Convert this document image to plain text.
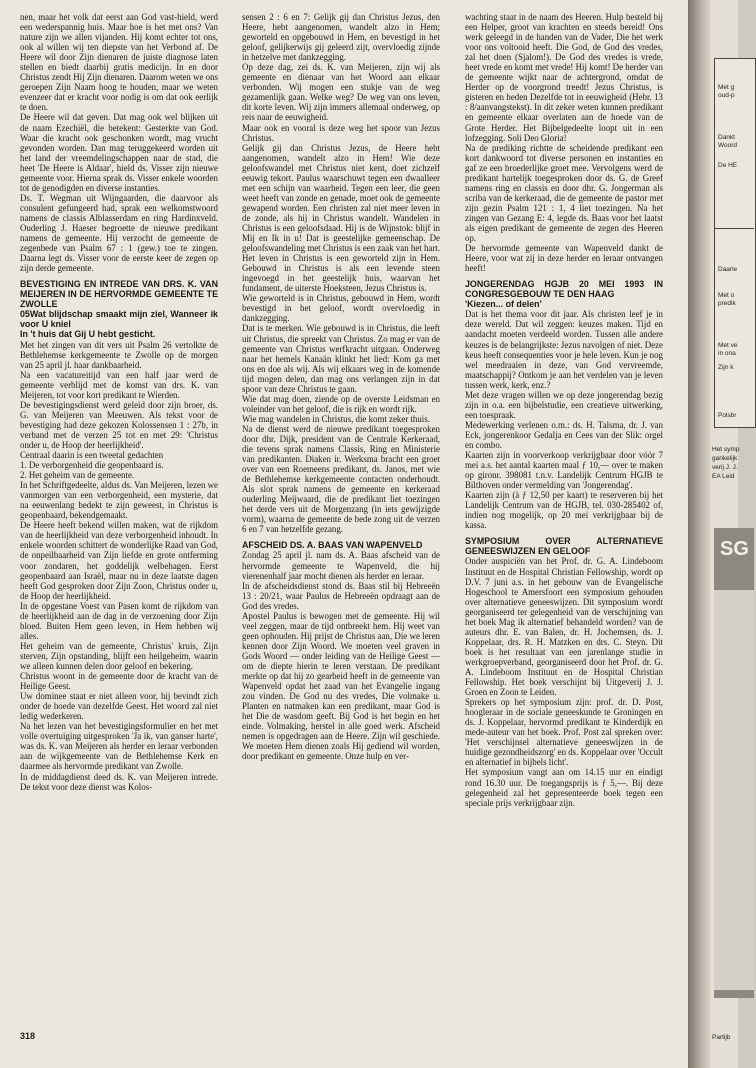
nen, maar het volk dat eerst aan God vast-hield, werd een wederspannig huis. Maar hoe is het met ons? Van nature zijn we allen vijanden. Hij komt echter tot ons, ook al willen wij ten diepste van het Verbond af. De Heere wil door Zijn dienaren de juiste diagnose laten stellen en biedt daarbij gratis medicijn. In en door Christus zendt Hij Zijn dienaren. Daarom weten we ons geroepen Zijn Naam hoog te houden, maar we weten evenzeer dat er kracht voor nodig is om dat ook eerlijk te doen.

De Heere wil dat geven. Dat mag ook wel blijken uit de naam Ezechiël, die betekent: Gesterkte van God. Waar die kracht ook geschonken wordt, mag vrucht gevonden worden. Dan mag teruggekeerd worden uit het land der vreemdelingschappen naar de stad, die heet 'De Heere is Aldaar', hield ds. Visser zijn nieuwe gemeente voor. Hierna sprak ds. Visser enkele woorden tot de genodigden en diverse instanties.

Ds. T. Wegman uit Wijngaarden, die daarvoor als consulent gefungeerd had, sprak een welkomstwoord namens de classis Alblasserdam en ring Hardinxveld. Ouderling J. Haeser begroette de nieuwe predikant namens de gemeente. Hij verzocht de gemeente de zegenbede van Psalm 67 : 1 (gew.) toe te zingen. Daarna legt ds. Visser voor de eerste keer de zegen op zijn derde gemeente.

BEVESTIGING EN INTREDE VAN DRS. K. VAN MEIJEREN IN DE HERVORMDE GEMEENTE TE ZWOLLE
05Wat blijdschap smaakt mijn ziel, Wanneer ik voor U kniel
In 't huis dat Gij U hebt gesticht.

Met het zingen van dit vers uit Psalm 26 vertolkte de Bethlehemse kerkgemeente te Zwolle op de morgen van 25 april jl. haar dankbaarheid.

Na een vacatureitijd van een half jaar werd de gemeente verblijd met de komst van drs. K. van Meijeren, tot voor kort predikant te Wierden.

De bevestigingsdienst werd geleid door zijn broer, ds. G. van Meijeren van Meeuwen. Als tekst voor de bevestiging had deze gekozen Kolossensen 1 : 27b, in verband met de verzen 25 tot en met 29: 'Christus onder u, de Hoop der heerlijkheid'.

Centraal daarin is een tweetal gedachten

1. De verborgenheid die geopenbaard is.

2. Het geheim van de gemeente.

In het Schriftgedeelte, aldus ds. Van Meijeren, lezen we vanmorgen van een verborgenheid, een mysterie, dat na eeuwenlang bedekt te zijn geweest, in Christus is geopenbaard, bekendgemaakt.

De Heere heeft bekend willen maken, wat de rijkdom van de heerlijkheid van deze verborgenheid inhoudt. In enkele woorden schittert de wonderlijke Raad van God, de onpeilbaarheid van Zijn liefde en grote ontferming voor zondaren, het goddelijk welbehagen. Eerst geopenbaard aan Israël, maar nu in deze laatste dagen heeft God gesproken door Zijn Zoon, Christus onder u, de Hoop der heerlijkheid.

In de opgestane Voest van Pasen komt de rijkdom van de heerlijkheid aan de dag in de verzoening door Zijn bloed. Buiten Hem geen leven, in Hem hebben wij alles.

Het geheim van de gemeente, Christus' kruis, Zijn sterven, Zijn opstanding, blijft een heilgeheim, waarin we alleen kunnen delen door geloof en bekering.

Christus woont in de gemeente door de kracht van de Heilige Geest.

Uw dominee staat er niet alleen voor, hij bevindt zich onder de hoede van dezelfde Geest. Het woord zal niet ledig wederkeren.

Na het lezen van het bevestigingsformulier en het met volle overtuiging uitgesproken 'Ja ik, van ganser harte', was ds. K. van Meijeren als herder en leraar verbonden aan de wijkgemeente van de Bethlehemse Kerk en daarmee als hervormde predikant van Zwolle.

In de middagdienst deed ds. K. van Meijeren intrede. De tekst voor deze dienst was Kolos-

sensen 2 : 6 en 7: Gelijk gij dan Christus Jezus, den Heere, hebt aangenomen, wandelt alzo in Hem; geworteld en opgebouwd in Hem, en bevestigd in het geloof, gelijkerwijs gij geleerd zijt, overvloedig zijnde in hetzelve met dankzegging.

Op deze dag, zei ds. K. van Meijeren, zijn wij als gemeente en dienaar van het Woord aan elkaar verbonden. Wij mogen een stukje van de weg gezamenlijk gaan. Welke weg? De weg van ons leven, dit korte leven. Wij zijn immers allemaal onderweg, op reis naar de eeuwigheid.

Maar ook en vooral is deze weg het spoor van Jezus Christus.

Gelijk gij dan Christus Jezus, de Heere hebt aangenomen, wandelt alzo in Hem! Wie deze geloofswandel met Christus niet kent, doet zichzelf eeuwig tekort. Paulus waarschuwt tegen een dwaalleer met een schijn van waarheid. Tegen een leer, die geen weet heeft van zonde en genade, moet ook de gemeente gewapend worden. Een christen zal niet meer leven in de zonde, als hij in Christus wandelt. Wandelen in Christus is een geloofsdaad. Hij is de Wijnstok: blijf in Mij en Ik in u! Dat is geestelijke gemeenschap. De geloofswandeling met Christus is een zaak van het hart. Het leven in Christus is een geworteld zijn in Hem. Gebouwd in Christus is als een levende steen ingevoegd in het geestelijk huis, waarvan het fundament, de uiterste Hoeksteen, Jezus Christus is.

Wie geworteld is in Christus, gebouwd in Hem, wordt bevestigd in het geloof, wordt overvloedig in dankzegging.

Dat is te merken. Wie gebouwd is in Christus, die leeft uit Christus, die spreekt van Christus. Zo mag er van de gemeente van Christus werfkracht uitgaan. Onderweg naar het hemels Kanaän klinkt het lied: Kom ga met ons en doe als wij. Als wij elkaars weg in de komende tijd mogen delen, dan mag ons verlangen zijn in dat spoor van deze Christus te gaan.

Wie dat mag doen, ziende op de overste Leidsman en voleinder van het geloof, die is rijk en wordt rijk.

Wie mag wandelen in Christus, die komt zeker thuis.

Na de dienst werd de nieuwe predikant toegesproken door dhr. Dijk, president van de Centrale Kerkeraad, die tevens sprak namens Classis, Ring en Ministerie van predikanten. Diaken ir. Werksma bracht een groet over van een Roemeens predikant, ds. Janos, met wie de Bethlehemse kerkgemeente contacten onderhoudt. Als slot sprak namens de gemeente en kerkeraad ouderling Meijwaard, die de predikant liet toezingen het derde vers uit de Morgenzang (in iets gewijzigde vorm), waarna de gemeente de bede zong uit de verzen 6 en 7 van hetzelfde gezang.

AFSCHEID DS. A. BAAS VAN WAPENVELD

Zondag 25 april jl. nam ds. A. Baas afscheid van de hervormde gemeente te Wapenveld, die hij vierenenhalf jaar mocht dienen als herder en leraar.

In de afscheidsdienst stond ds. Baas stil bij Hebreeën 13 : 20/21, waar Paulus de Hebreeën opdraagt aan de God des vredes.

Apostel Paulus is bewogen met de gemeente. Hij wil veel zeggen, maar de tijd ontbreekt hem. Hij weet van geen ophouden. Hij prijst de Christus aan, Die we leren kennen door Zijn Woord. We moeten veel graven in Gods Woord — onder leiding van de Heilige Geest — om de diepte hierin te leren verstaan. De predikant merkte op dat hij zo gearbeid heeft in de gemeente van Wapenveld opdat het zaad van het Evangelie ingang zou vinden. De God nu des vredes, Die volmake u. Planten en natmaken kan een predikant, maar God is het Die de wasdom geeft. Bij God is het begin en het einde. Volmaking, herstel in alle goed werk. Afscheid nemen is opgedragen aan de Heere. Zijn wil geschiede. We moeten Hem dienen zoals Hij gediend wil worden, door predikant en gemeente. Onze hulp en ver-

wachting staat in de naam des Heeren. Hulp besteld bij een Helper, groot van krachten en steeds bereid! Ons werk geleegd in de handen van de Vader, Die het werk voor ons voltooid heeft. Die God, de God des vredes, zal het doen (Sjalom!). De God des vredes is vrede, heet vrede en komt met vrede! Hij komt! De herder van de gemeente wijkt naar de achtergrond, omdat de Herder op de voorgrond treedt! Jezus Christus, is gisteren en heden Dezelfde tot in eeuwigheid (Hebr. 13 : 8/aanvangstekst). In dit zeker weten kunnen predikant en gemeente elkaar overlaten aan de hoede van de Grote Herder. Het Bijbelgedeelte loopt uit in een lofzegging. Soli Deo Gloria!

Na de prediking richtte de scheidende predikant een kort dankwoord tot diverse personen en instanties en gaf ze een broederlijke groet mee. Vervolgens werd de predikant hartelijk toegesproken door ds. G. de Greef namens ring en classis en door dhr. G. Jongerman als scriba van de kerkeraad, die de gemeente de pastor met zijn gezin Psalm 121 : 1, 4 liet toezingen. Na het zingen van Gezang E: 4, legde ds. Baas voor het laatst als eigen predikant de gemeente de zegen des Heeren op.

De hervormde gemeente van Wapenveld dankt de Heere, voor wat zij in deze herder en leraar ontvangen heeft!

JONGERENDAG HGJB 20 MEI 1993 IN CONGRESGEBOUW TE DEN HAAG
'Kiezen... of delen'

Dat is het thema voor dit jaar. Als christen leef je in deze wereld. Dat wil zeggen: keuzes maken. Tijd en aandacht moeten verdeeld worden. Tussen alle andere keuzes is de belangrijkste: Jezus navolgen of niet. Deze keus heeft consequenties voor je hele leven. Kun je nog wel meedraaien in deze, van God vervreemde, maatschappij? Ontkom je aan het verdelen van je leven tussen werk, kerk, enz.?

Met deze vragen willen we op deze jongerendag bezig zijn in o.a. een bijbelstudie, een creatieve uitwerking, een toespraak.

Medewerking verlenen o.m.: ds. H. Talsma, dr. J. van Eck, jongerenkoor Gedalja en Cees van der Slik: orgel en combo.

Kaarten zijn in voorverkoop verkrijgbaar door vóór 7 mei a.s. het aantal kaarten maal ƒ 10,— over te maken op gironr. 398081 t.n.v. Landelijk Centrum HGJB te Bilthoven onder vermelding van 'Jongerendag'.

Kaarten zijn (à ƒ 12,50 per kaart) te reserveren bij het Landelijk Centrum van de HGJB, tel. 030-285402 of, indien nog mogelijk, op 20 mei verkrijgbaar bij de kassa.

SYMPOSIUM OVER ALTERNATIEVE GENEESWIJZEN EN GELOOF

Onder auspiciën van het Prof. dr. G. A. Lindeboom Instituut en de Hospital Christian Fellowship, wordt op D.V. 7 juni a.s. in het gebouw van de Evangelische Hogeschool te Amersfoort een symposium gehouden over alternatieve geneeswijzen. Dit symposium wordt georganiseerd ter gelegenheid van de verschijning van het boek Mag ik alternatief behandeld worden? van de auteurs dhr. E. van Balen, dr. H. Jochemsen, ds. J. Koppelaar, drs. R. H. Matzken en drs. C. Steyn. Dit boek is het resultaat van een jarenlange studie in werkgroepverband, georganiseerd door het Prof. dr. G. A. Lindeboom Instituut en de Hospital Christian Fellowship. Het boek verschijnt bij Uitgeverij J. J. Groen en Zoon te Leiden.

Sprekers op het symposium zijn: prof. dr. D. Post, hoogleraar in de sociale geneeskunde te Groningen en ds. J. Koppelaar, hervormd predikant te Kinderdijk en mede-auteur van het boek. Prof. Post zal spreken over: 'Het verschijnsel alternatieve geneeswijzen in de huidige gezondheidszorg' en ds. Koppelaar over 'Occult en alternatief in bijbels licht'.

Het symposium vangt aan om 14.15 uur en eindigt rond 16.30 uur. De toegangsprijs is ƒ 5,—. Bij deze gelegenheid zal het gepresenteerde boek tegen een speciale prijs verkrijgbaar zijn.

318
Met g
oud-p
Dankt
Woord
De HE
Daarle
Met o
predik
Met ve
in ona
Zijn k
Polsbr
Het symp
gankelijk
verij J. J.
EA Leid
SG
Partijb
